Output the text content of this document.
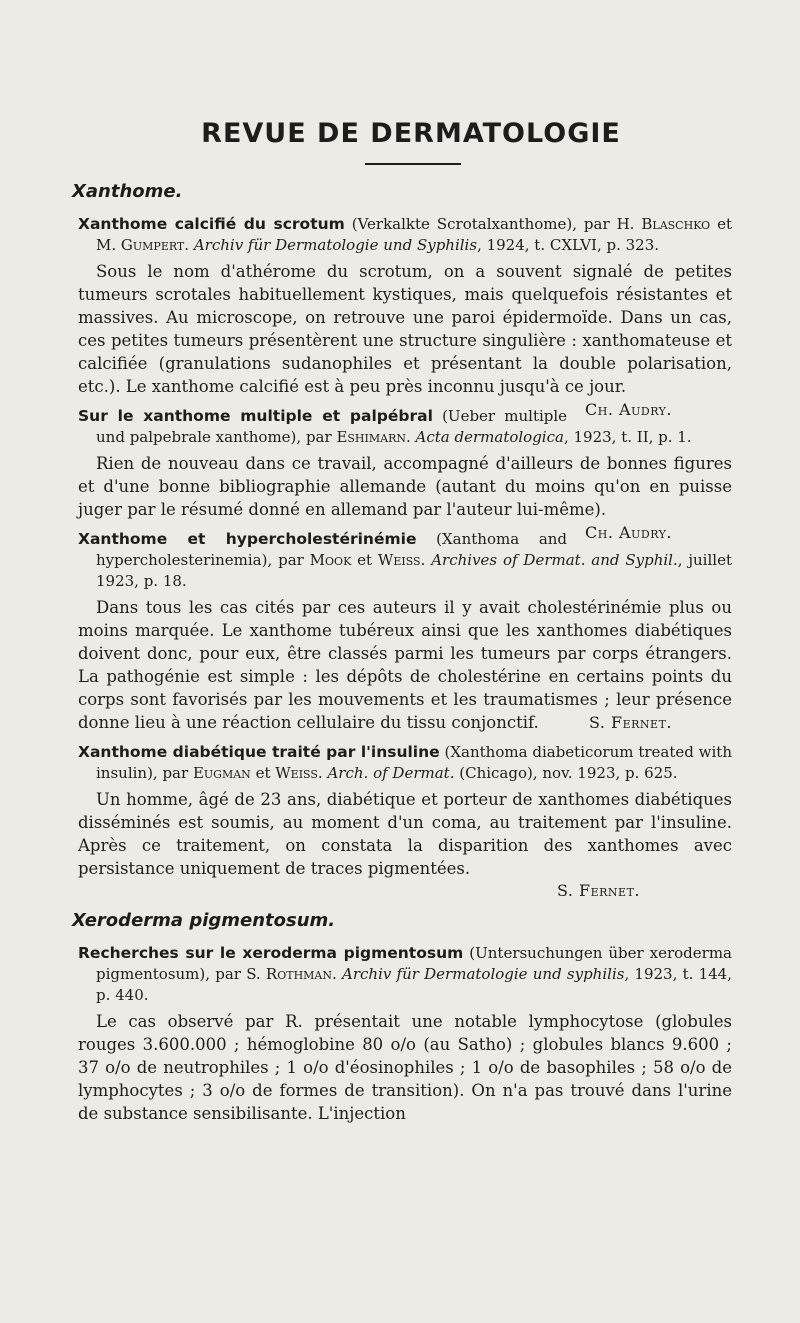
REVUE DE DERMATOLOGIE
Xanthome.

Xanthome calcifié du scrotum (Verkalkte Scrotalxanthome), par H. Blaschko et M. Gumpert. Archiv für Dermatologie und Syphilis, 1924, t. CXLVI, p. 323.

Sous le nom d'athérome du scrotum, on a souvent signalé de petites tumeurs scrotales habituellement kystiques, mais quelquefois résistantes et massives. Au microscope, on retrouve une paroi épidermoïde. Dans un cas, ces petites tumeurs présentèrent une structure singulière : xanthomateuse et calcifiée (granulations sudanophiles et présentant la double polarisation, etc.). Le xanthome calcifié est à peu près inconnu jusqu'à ce jour.
Ch. Audry.

Sur le xanthome multiple et palpébral (Ueber multiple und palpebrale xanthome), par Eshimarn. Acta dermatologica, 1923, t. II, p. 1.

Rien de nouveau dans ce travail, accompagné d'ailleurs de bonnes figures et d'une bonne bibliographie allemande (autant du moins qu'on en puisse juger par le résumé donné en allemand par l'auteur lui-même).
Ch. Audry.

Xanthome et hypercholestérinémie (Xanthoma and hypercholesterinemia), par Mook et Weiss. Archives of Dermat. and Syphil., juillet 1923, p. 18.

Dans tous les cas cités par ces auteurs il y avait cholestérinémie plus ou moins marquée. Le xanthome tubéreux ainsi que les xanthomes diabétiques doivent donc, pour eux, être classés parmi les tumeurs par corps étrangers. La pathogénie est simple : les dépôts de cholestérine en certains points du corps sont favorisés par les mouvements et les traumatismes ; leur présence donne lieu à une réaction cellulaire du tissu conjonctif.	S. Fernet.

Xanthome diabétique traité par l'insuline (Xanthoma diabeticorum treated with insulin), par Eugman et Weiss. Arch. of Dermat. (Chicago), nov. 1923, p. 625.

Un homme, âgé de 23 ans, diabétique et porteur de xanthomes diabétiques disséminés est soumis, au moment d'un coma, au traitement par l'insuline. Après ce traitement, on constata la disparition des xanthomes avec persistance uniquement de traces pigmentées.

S. Fernet.

Xeroderma pigmentosum.

Recherches sur le xeroderma pigmentosum (Untersuchungen über xeroderma pigmentosum), par S. Rothman. Archiv für Dermatologie und syphilis, 1923, t. 144, p. 440.

Le cas observé par R. présentait une notable lymphocytose (globules rouges 3.600.000 ; hémoglobine 80 o/o (au Satho) ; globules blancs 9.600 ; 37 o/o de neutrophiles ; 1 o/o d'éosinophiles ; 1 o/o de basophiles ; 58 o/o de lymphocytes ; 3 o/o de formes de transition). On n'a pas trouvé dans l'urine de substance sensibilisante. L'injection
